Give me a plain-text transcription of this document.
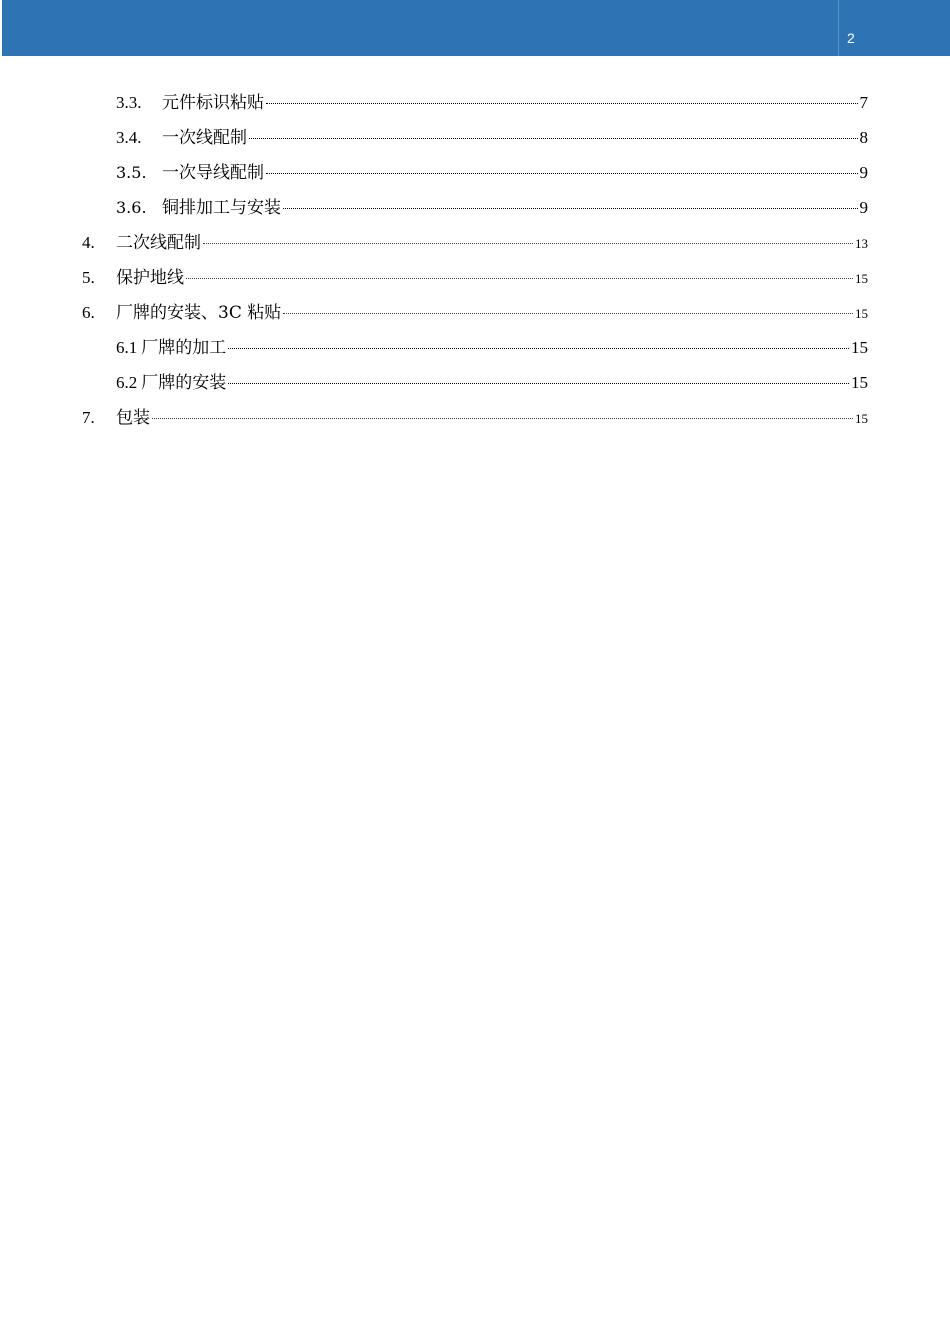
2
3.3.	元件标识粘贴	7
3.4.	一次线配制	8
3.5. 一次导线配制	9
3.6. 铜排加工与安装	9
4.	二次线配制	13
5.	保护地线	15
6.	厂牌的安装、3C 粘贴	15
6.1 厂牌的加工	15
6.2 厂牌的安装	15
7.	包装	15
